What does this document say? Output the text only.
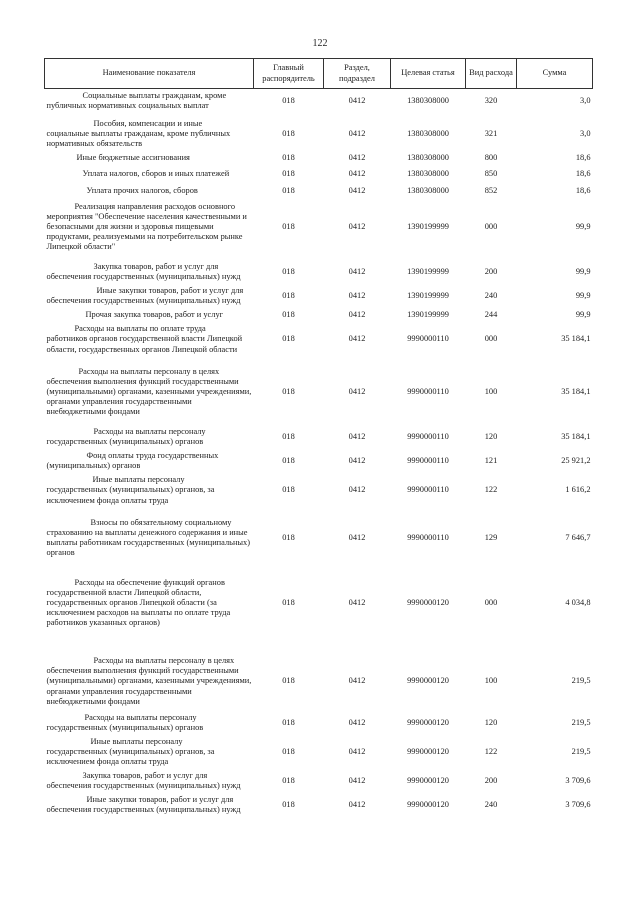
122
Наименование показателя	Главный распорядитель	Раздел, подраздел	Целевая статья	Вид расхода	Сумма

Социальные выплаты гражданам, кроме
публичных нормативных социальных выплат	018	0412	1380308000	320	3,0

Пособия, компенсации и иные
социальные выплаты гражданам, кроме публичных нормативных обязательств	018	0412	1380308000	321	3,0

Иные бюджетные ассигнования	018	0412	1380308000	800	18,6

Уплата налогов, сборов и иных платежей	018	0412	1380308000	850	18,6

Уплата прочих налогов, сборов	018	0412	1380308000	852	18,6

Реализация направления расходов основного
мероприятия "Обеспечение населения качественными и безопасными для жизни и здоровья пищевыми продуктами, реализуемыми на потребительском рынке Липецкой области"	018	0412	1390199999	000	99,9

Закупка товаров, работ и услуг для
обеспечения государственных (муниципальных) нужд	018	0412	1390199999	200	99,9

Иные закупки товаров, работ и услуг для
обеспечения государственных (муниципальных) нужд	018	0412	1390199999	240	99,9

Прочая закупка товаров, работ и услуг	018	0412	1390199999	244	99,9

Расходы на выплаты по оплате труда
работников органов государственной власти Липецкой области, государственных органов Липецкой области	018	0412	9990000110	000	35 184,1

Расходы на выплаты персоналу в целях
обеспечения выполнения функций государственными (муниципальными) органами, казенными учреждениями, органами управления государственными внебюджетными фондами	018	0412	9990000110	100	35 184,1

Расходы на выплаты персоналу
государственных (муниципальных) органов	018	0412	9990000110	120	35 184,1

Фонд оплаты труда государственных
(муниципальных) органов	018	0412	9990000110	121	25 921,2

Иные выплаты персоналу
государственных (муниципальных) органов, за исключением фонда оплаты труда	018	0412	9990000110	122	1 616,2

Взносы по обязательному социальному
страхованию на выплаты денежного содержания и иные выплаты работникам государственных (муниципальных) органов	018	0412	9990000110	129	7 646,7

Расходы на обеспечение функций органов
государственной власти Липецкой области, государственных органов Липецкой области (за исключением расходов на выплаты по оплате труда работников указанных органов)	018	0412	9990000120	000	4 034,8

Расходы на выплаты персоналу в целях
обеспечения выполнения функций государственными (муниципальными) органами, казенными учреждениями, органами управления государственными внебюджетными фондами	018	0412	9990000120	100	219,5

Расходы на выплаты персоналу
государственных (муниципальных) органов	018	0412	9990000120	120	219,5

Иные выплаты персоналу
государственных (муниципальных) органов, за исключением фонда оплаты труда	018	0412	9990000120	122	219,5

Закупка товаров, работ и услуг для
обеспечения государственных (муниципальных) нужд	018	0412	9990000120	200	3 709,6

Иные закупки товаров, работ и услуг для
обеспечения государственных (муниципальных) нужд	018	0412	9990000120	240	3 709,6
